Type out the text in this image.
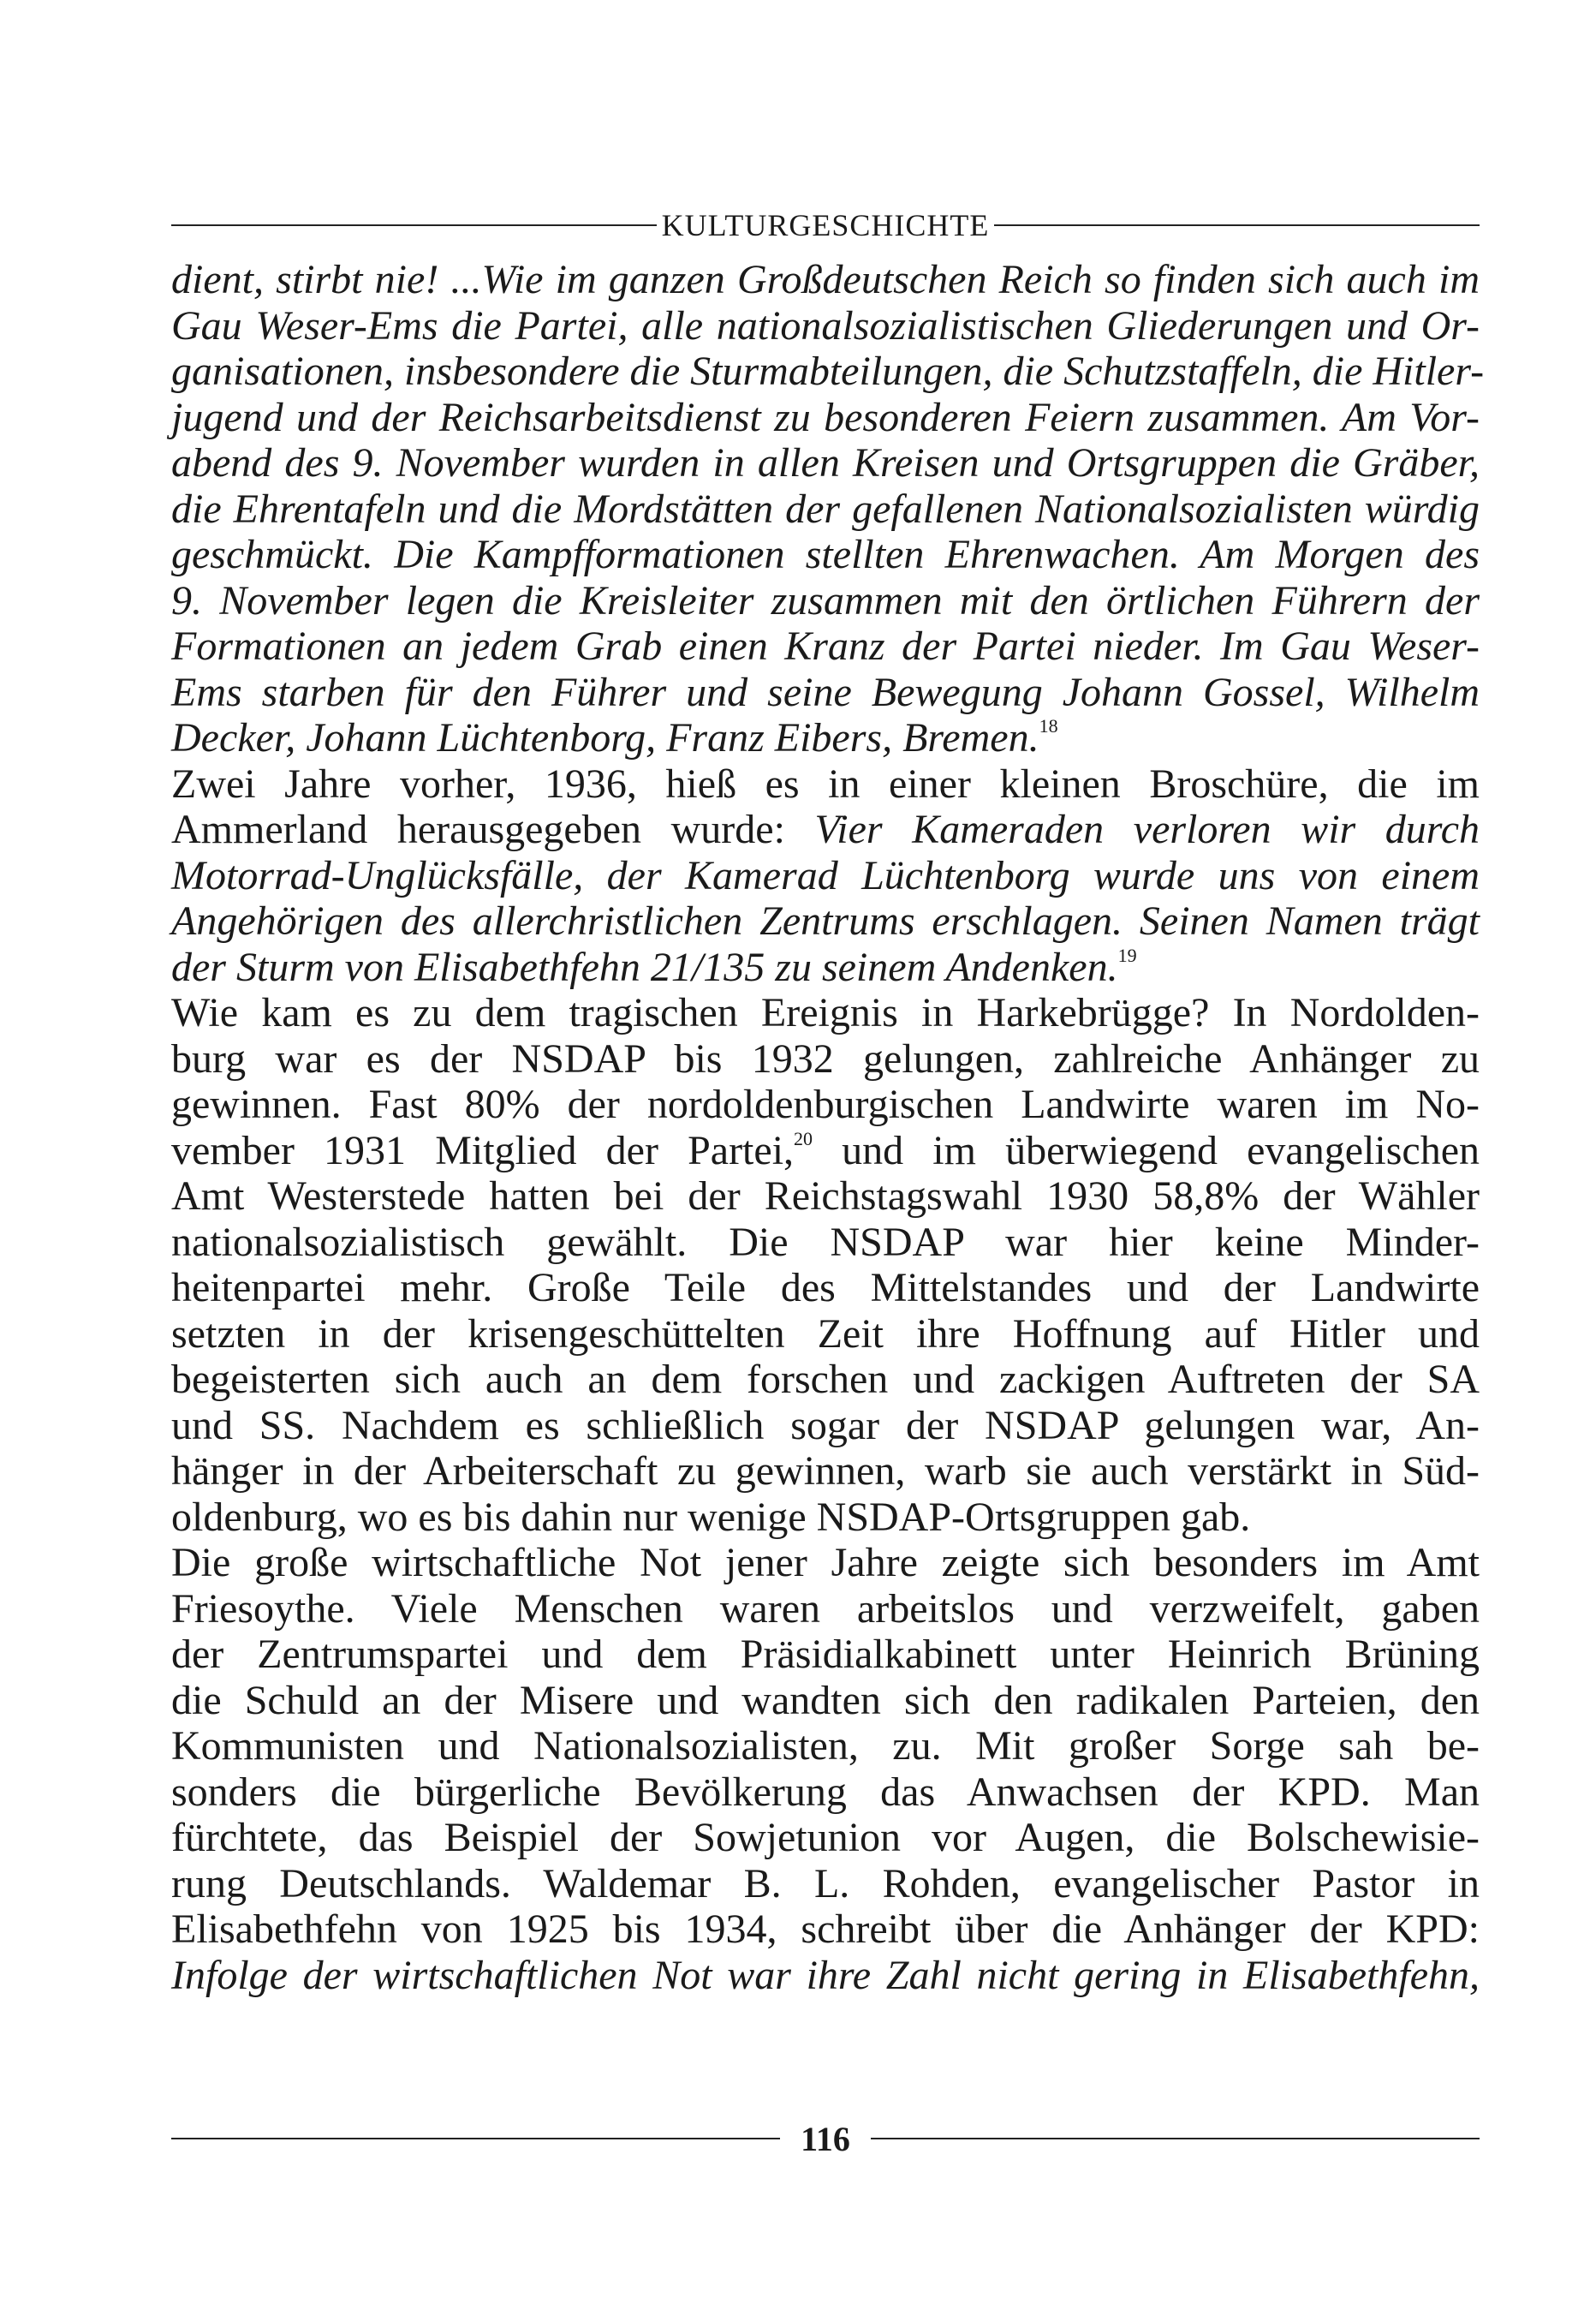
KULTURGESCHICHTE
dient, stirbt nie! ...Wie im ganzen Großdeutschen Reich so finden sich auch im
Gau Weser-Ems die Partei, alle nationalsozialistischen Gliederungen und Or-
ganisationen, insbesondere die Sturmabteilungen, die Schutzstaffeln, die Hitler-
jugend und der Reichsarbeitsdienst zu besonderen Feiern zusammen. Am Vor-
abend des 9. November wurden in allen Kreisen und Ortsgruppen die Gräber,
die Ehrentafeln und die Mordstätten der gefallenen Nationalsozialisten würdig
geschmückt. Die Kampfformationen stellten Ehrenwachen. Am Morgen des
9. November legen die Kreisleiter zusammen mit den örtlichen Führern der
Formationen an jedem Grab einen Kranz der Partei nieder. Im Gau Weser-
Ems starben für den Führer und seine Bewegung Johann Gossel, Wilhelm
Decker, Johann Lüchtenborg, Franz Eibers, Bremen.$^{18}$
Zwei Jahre vorher, 1936, hieß es in einer kleinen Broschüre, die im
Ammerland herausgegeben wurde: Vier Kameraden verloren wir durch
Motorrad-Unglücksfälle, der Kamerad Lüchtenborg wurde uns von einem
Angehörigen des allerchristlichen Zentrums erschlagen. Seinen Namen trägt
der Sturm von Elisabethfehn 21/135 zu seinem Andenken.$^{19}$
Wie kam es zu dem tragischen Ereignis in Harkebrügge? In Nordolden-
burg war es der NSDAP bis 1932 gelungen, zahlreiche Anhänger zu
gewinnen. Fast 80% der nordoldenburgischen Landwirte waren im No-
vember 1931 Mitglied der Partei,$^{20}$ und im überwiegend evangelischen
Amt Westerstede hatten bei der Reichstagswahl 1930 58,8% der Wähler
nationalsozialistisch gewählt. Die NSDAP war hier keine Minder-
heitenpartei mehr. Große Teile des Mittelstandes und der Landwirte
setzten in der krisengeschüttelten Zeit ihre Hoffnung auf Hitler und
begeisterten sich auch an dem forschen und zackigen Auftreten der SA
und SS. Nachdem es schließlich sogar der NSDAP gelungen war, An-
hänger in der Arbeiterschaft zu gewinnen, warb sie auch verstärkt in Süd-
oldenburg, wo es bis dahin nur wenige NSDAP-Ortsgruppen gab.
Die große wirtschaftliche Not jener Jahre zeigte sich besonders im Amt
Friesoythe. Viele Menschen waren arbeitslos und verzweifelt, gaben
der Zentrumspartei und dem Präsidialkabinett unter Heinrich Brüning
die Schuld an der Misere und wandten sich den radikalen Parteien, den
Kommunisten und Nationalsozialisten, zu. Mit großer Sorge sah be-
sonders die bürgerliche Bevölkerung das Anwachsen der KPD. Man
fürchtete, das Beispiel der Sowjetunion vor Augen, die Bolschewisie-
rung Deutschlands. Waldemar B. L. Rohden, evangelischer Pastor in
Elisabethfehn von 1925 bis 1934, schreibt über die Anhänger der KPD:
Infolge der wirtschaftlichen Not war ihre Zahl nicht gering in Elisabethfehn,
116
